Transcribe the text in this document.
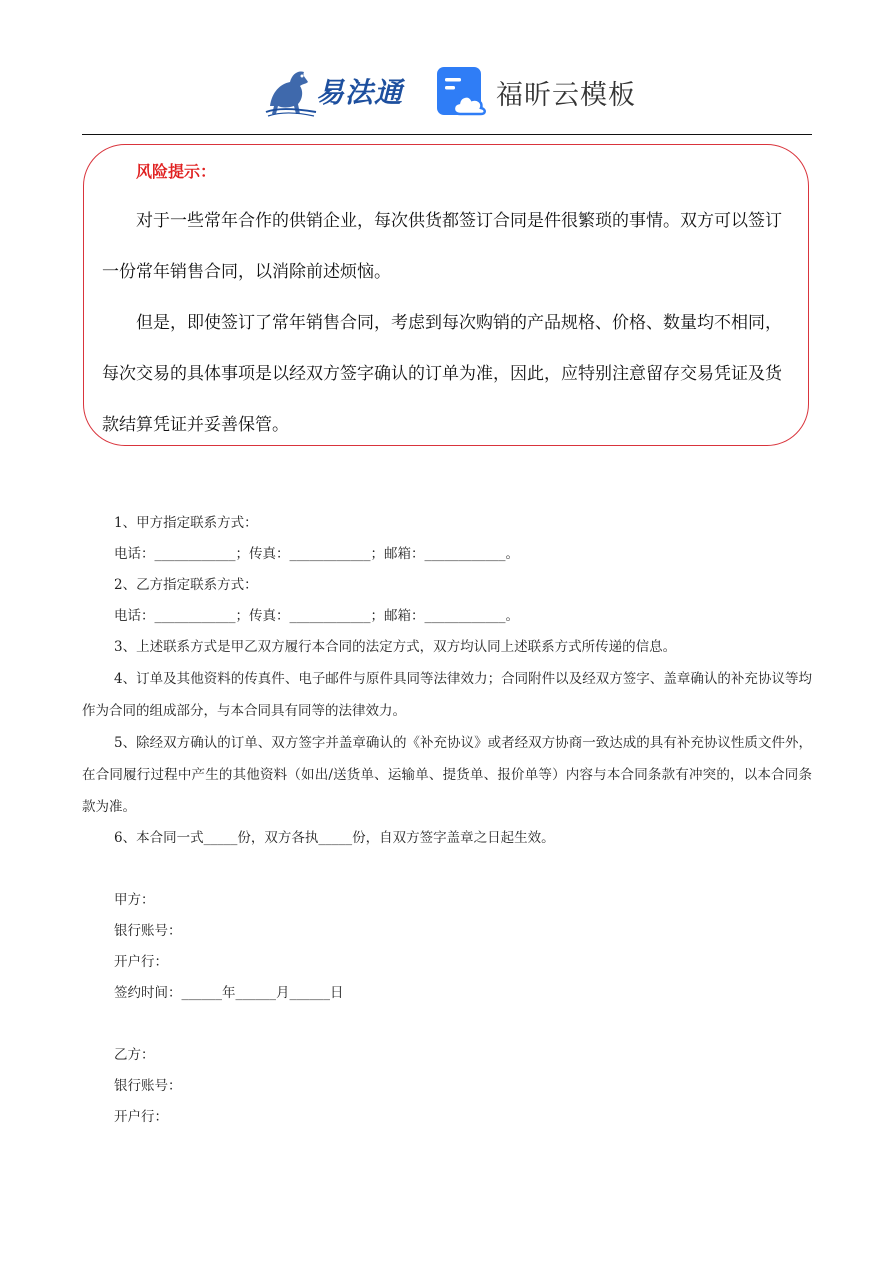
易法通	福昕云模板
风险提示：

对于一些常年合作的供销企业，每次供货都签订合同是件很繁琐的事情。双方可以签订一份常年销售合同，以消除前述烦恼。

但是，即使签订了常年销售合同，考虑到每次购销的产品规格、价格、数量均不相同，每次交易的具体事项是以经双方签字确认的订单为准，因此，应特别注意留存交易凭证及货款结算凭证并妥善保管。

1、甲方指定联系方式：
电话：____________；传真：____________；邮箱：____________。
2、乙方指定联系方式：
电话：____________；传真：____________；邮箱：____________。
3、上述联系方式是甲乙双方履行本合同的法定方式，双方均认同上述联系方式所传递的信息。

4、订单及其他资料的传真件、电子邮件与原件具同等法律效力；合同附件以及经双方签字、盖章确认的补充协议等均作为合同的组成部分，与本合同具有同等的法律效力。

5、除经双方确认的订单、双方签字并盖章确认的《补充协议》或者经双方协商一致达成的具有补充协议性质文件外，在合同履行过程中产生的其他资料（如出/送货单、运输单、提货单、报价单等）内容与本合同条款有冲突的，以本合同条款为准。

6、本合同一式_____份，双方各执_____份，自双方签字盖章之日起生效。
甲方：
银行账号：
开户行：
签约时间：______年______月______日
乙方：
银行账号：
开户行：
